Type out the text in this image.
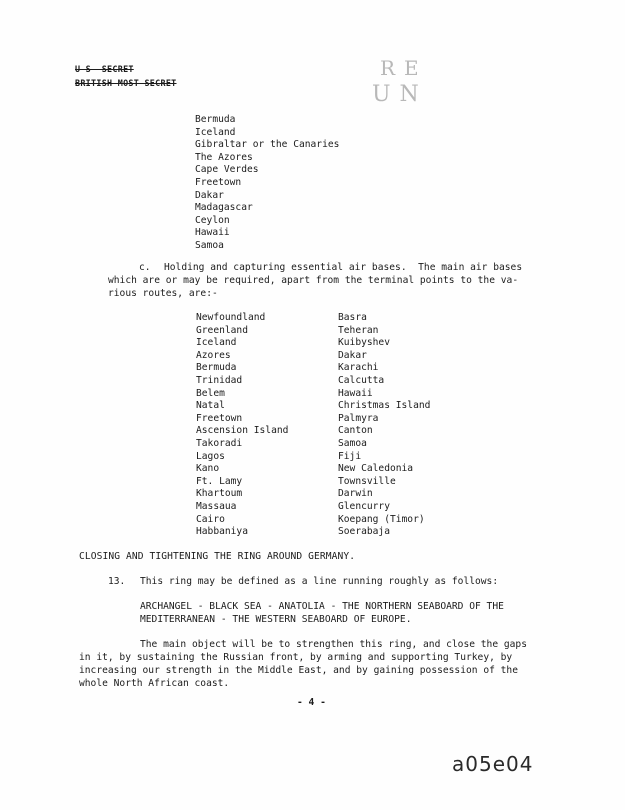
U S  SECRET
BRITISH MOST SECRET
RE
UN
Bermuda
Iceland
Gibraltar or the Canaries
The Azores
Cape Verdes
Freetown
Dakar
Madagascar
Ceylon
Hawaii
Samoa
c. Holding and capturing essential air bases.  The main air bases
which are or may be required, apart from the terminal points to the va-
rious routes, are:-
Newfoundland
Greenland
Iceland
Azores
Bermuda
Trinidad
Belem
Natal
Freetown
Ascension Island
Takoradi
Lagos
Kano
Ft. Lamy
Khartoum
Massaua
Cairo
Habbaniya
Basra
Teheran
Kuibyshev
Dakar
Karachi
Calcutta
Hawaii
Christmas Island
Palmyra
Canton
Samoa
Fiji
New Caledonia
Townsville
Darwin
Glencurry
Koepang (Timor)
Soerabaja
CLOSING AND TIGHTENING THE RING AROUND GERMANY.
13. This ring may be defined as a line running roughly as follows:
ARCHANGEL - BLACK SEA - ANATOLIA - THE NORTHERN SEABOARD OF THE
MEDITERRANEAN - THE WESTERN SEABOARD OF EUROPE.
The main object will be to strengthen this ring, and close the gaps
in it, by sustaining the Russian front, by arming and supporting Turkey, by
increasing our strength in the Middle East, and by gaining possession of the
whole North African coast.
- 4 -
a05e04
